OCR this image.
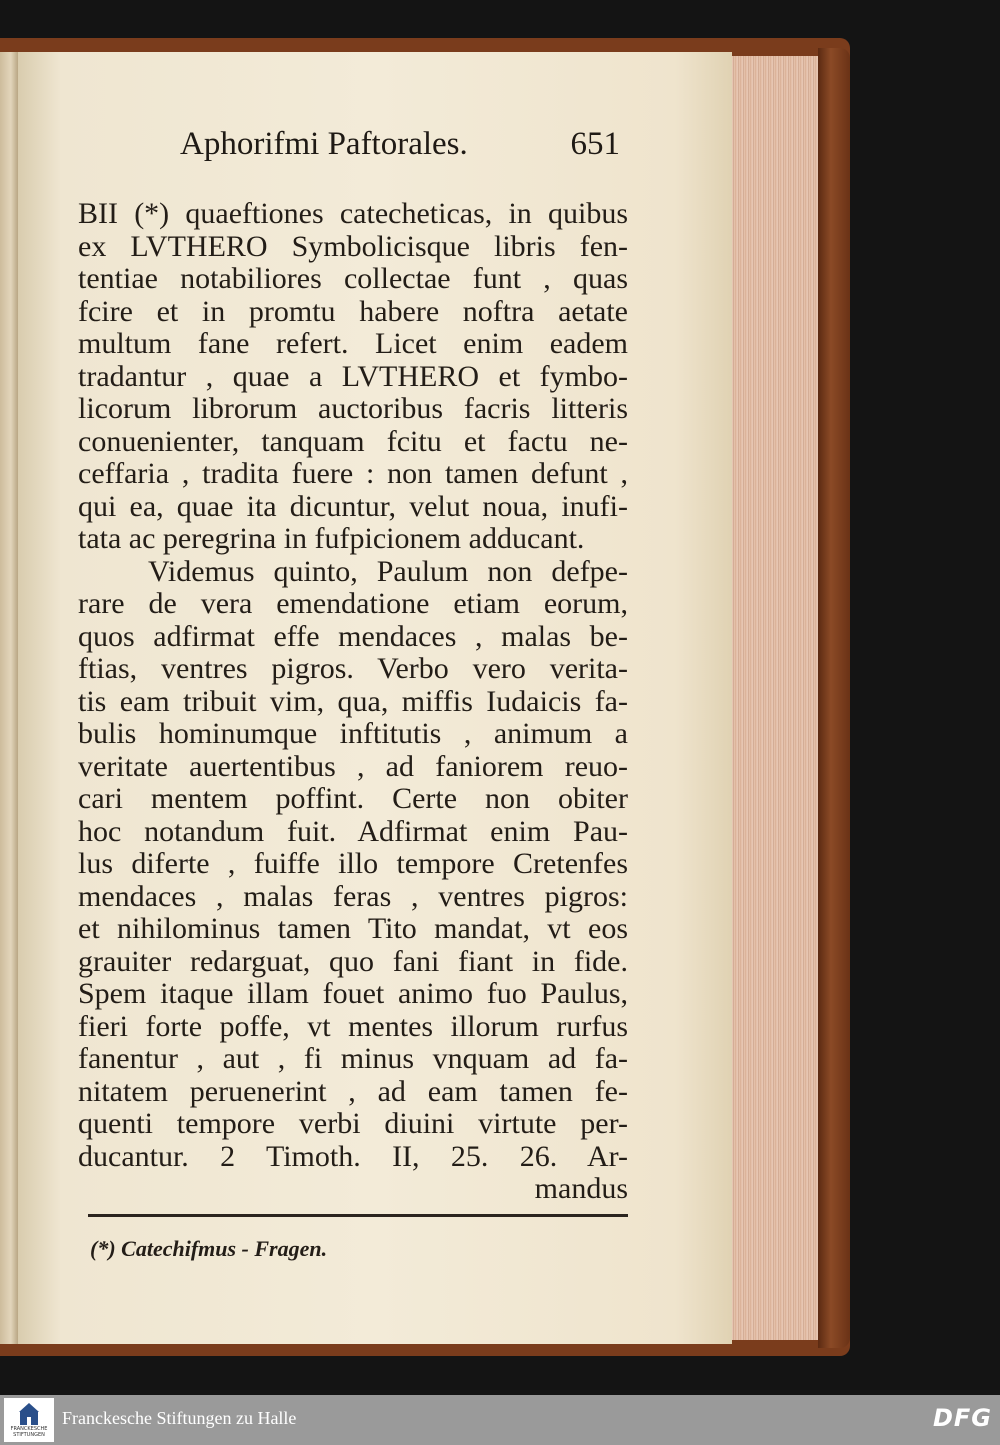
Aphorifmi Paftorales.	651
BII (*) quaeftiones catecheticas, in quibus
ex LVTHERO Symbolicisque libris fen-
tentiae notabiliores collectae funt , quas
fcire et in promtu habere noftra aetate
multum fane refert. Licet enim eadem
tradantur , quae a LVTHERO et fymbo-
licorum librorum auctoribus facris litteris
conuenienter, tanquam fcitu et factu ne-
ceffaria , tradita fuere : non tamen defunt ,
qui ea, quae ita dicuntur, velut noua, inufi-
tata ac peregrina in fufpicionem adducant.
Videmus quinto, Paulum non defpe-
rare de vera emendatione etiam eorum,
quos adfirmat effe mendaces , malas be-
ftias, ventres pigros. Verbo vero verita-
tis eam tribuit vim, qua, miffis Iudaicis fa-
bulis hominumque inftitutis , animum a
veritate auertentibus , ad faniorem reuo-
cari mentem poffint. Certe non obiter
hoc notandum fuit. Adfirmat enim Pau-
lus diferte , fuiffe illo tempore Cretenfes
mendaces , malas feras , ventres pigros:
et nihilominus tamen Tito mandat, vt eos
grauiter redarguat, quo fani fiant in fide.
Spem itaque illam fouet animo fuo Paulus,
fieri forte poffe, vt mentes illorum rurfus
fanentur , aut , fi minus vnquam ad fa-
nitatem peruenerint , ad eam tamen fe-
quenti tempore verbi diuini virtute per-
ducantur. 2 Timoth. II, 25. 26. Ar-
mandus
(*) Catechifmus - Fragen.
FRANCKESCHE STIFTUNGEN
Franckesche Stiftungen zu Halle	DFG
